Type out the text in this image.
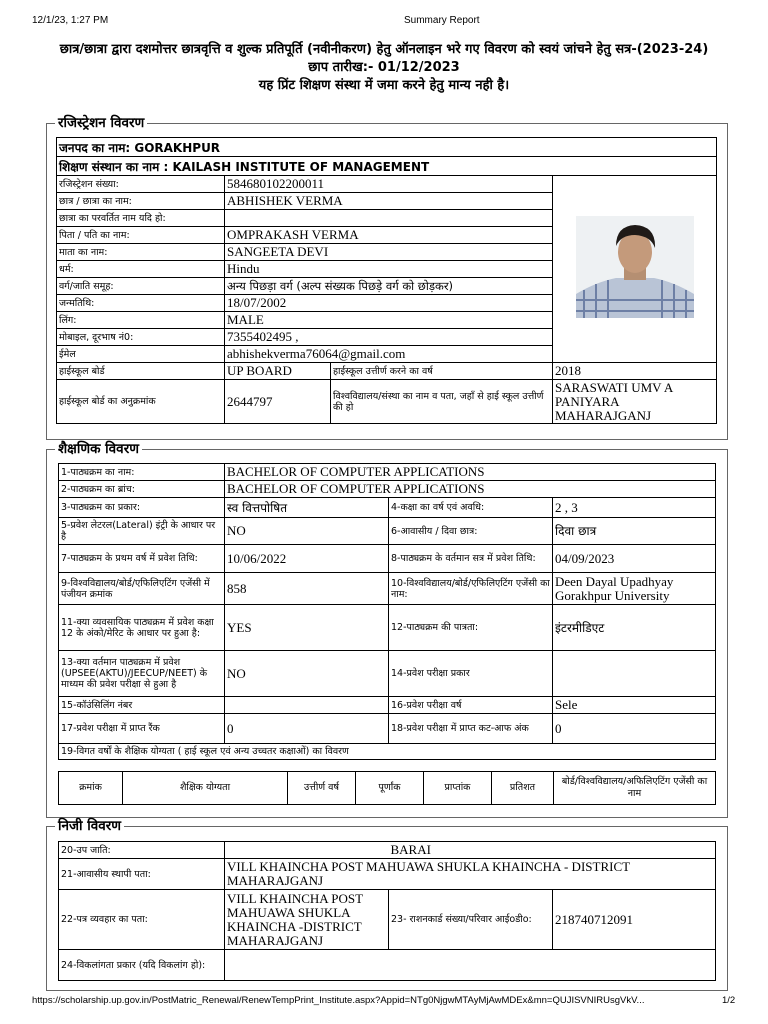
12/1/23, 1:27 PM	Summary Report
छात्र/छात्रा द्वारा दशमोत्तर छात्रवृत्ति व शुल्क प्रतिपूर्ति (नवीनीकरण) हेतु ऑनलाइन भरे गए विवरण को स्वयं जांचने हेतु सत्र-(2023-24)
छाप तारीख:- 01/12/2023
यह प्रिंट शिक्षण संस्था में जमा करने हेतु मान्य नही है।
रजिस्ट्रेशन विवरण
जनपद का नाम: GORAKHPUR			
शिक्षण संस्थान का नाम : KAILASH INSTITUTE OF MANAGEMENT			
रजिस्ट्रेशन संख्या:	584680102200011	
छात्र / छात्रा का नाम:	ABHISHEK VERMA		
छात्रा का परवर्तित नाम यदि हो:			
पिता / पति का नाम:	OMPRAKASH VERMA		
माता का नाम:	SANGEETA DEVI		
धर्म:	Hindu		
वर्ग/जाति समूह:	अन्य पिछड़ा वर्ग (अल्प संख्यक पिछड़े वर्ग को छोड़कर)		
जन्मतिथि:	18/07/2002		
लिंग:	MALE		
मोबाइल, दूरभाष नं0:	7355402495 ,		
ईमेल	abhishekverma76064@gmail.com		
हाईस्कूल बोर्ड	UP BOARD	हाईस्कूल उत्तीर्ण करने का वर्ष	2018
हाईस्कूल बोर्ड का अनुक्रमांक	2644797	विश्वविद्यालय/संस्था का नाम व पता, जहाँ से हाई स्कूल उत्तीर्ण की हो	SARASWATI UMV A PANIYARA MAHARAJGANJ
शैक्षणिक विवरण
1-पाठ्यक्रम का नाम:	BACHELOR OF COMPUTER APPLICATIONS		
2-पाठ्यक्रम का ब्रांच:	BACHELOR OF COMPUTER APPLICATIONS		
3-पाठ्यक्रम का प्रकार:	स्व वित्तपोषित	4-कक्षा का वर्ष एवं अवधि:	2 , 3
5-प्रवेश लेटरल(Lateral) इंट्री के आधार पर है	NO	6-आवासीय / दिवा छात्र:	दिवा छात्र
7-पाठ्यक्रम के प्रथम वर्ष में प्रवेश तिथि:	10/06/2022	8-पाठ्यक्रम के वर्तमान सत्र में प्रवेश तिथि:	04/09/2023
9-विश्वविद्यालय/बोर्ड/एफिलिएटिंग एजेंसी में पंजीयन क्रमांक	858	10-विश्वविद्यालय/बोर्ड/एफिलिएटिंग एजेंसी का नाम:	Deen Dayal Upadhyay Gorakhpur University
11-क्या व्यवसायिक पाठ्यक्रम में प्रवेश कक्षा 12 के अंको/मेरिट के आधार पर हुआ है:	YES	12-पाठ्यक्रम की पात्रता:	इंटरमीडिएट
13-क्या वर्तमान पाठ्यक्रम में प्रवेश (UPSEE(AKTU)/JEECUP/NEET) के माध्यम की प्रवेश परीक्षा से हुआ है	NO	14-प्रवेश परीक्षा प्रकार	
15-कॉउंसिलिंग नंबर		16-प्रवेश परीक्षा वर्ष	Sele
17-प्रवेश परीक्षा में प्राप्त रैंक	0	18-प्रवेश परीक्षा में प्राप्त कट-आफ अंक	0
19-विगत वर्षों के शैक्षिक योग्यता ( हाई स्कूल एवं अन्य उच्चतर कक्षाओं) का विवरण			
क्रमांक	शैक्षिक योग्यता	उत्तीर्ण वर्ष	पूर्णांक	प्राप्तांक	प्रतिशत	बोर्ड/विश्वविद्यालय/अफिलिएटिंग एजेंसी का नाम
निजी विवरण
20-उप जाति:		BARAI	
21-आवासीय स्थापी पता:	VILL KHAINCHA POST MAHUAWA SHUKLA KHAINCHA - DISTRICT MAHARAJGANJ		
22-पत्र व्यवहार का पता:	VILL KHAINCHA POST MAHUAWA SHUKLA KHAINCHA -DISTRICT MAHARAJGANJ	23- राशनकार्ड संख्या/परिवार आईoडीo:	218740712091
24-विकलांगता प्रकार (यदि विकलांग हो):			
https://scholarship.up.gov.in/PostMatric_Renewal/RenewTempPrint_Institute.aspx?Appid=NTg0NjgwMTAyMjAwMDEx&mn=QUJISVNIRUsgVkV...	1/2
